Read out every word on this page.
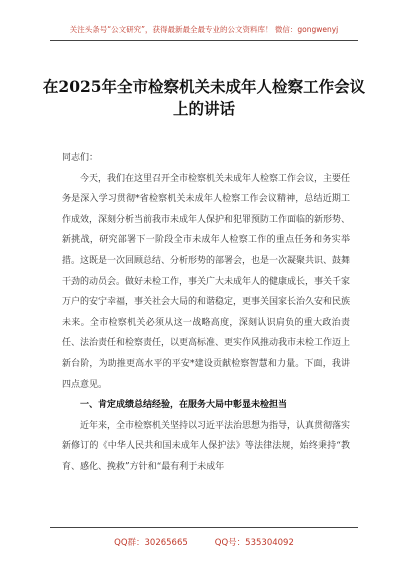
关注头条号“公文研究”，获得最新最全最专业的公文资料库！ 微信：gongwenyj
在2025年全市检察机关未成年人检察工作会议上的讲话

同志们：

今天，我们在这里召开全市检察机关未成年人检察工作会议，主要任务是深入学习贯彻*省检察机关未成年人检察工作会议精神，总结近期工作成效，深刻分析当前我市未成年人保护和犯罪预防工作面临的新形势、新挑战，研究部署下一阶段全市未成年人检察工作的重点任务和务实举措。这既是一次回顾总结、分析形势的部署会，也是一次凝聚共识、鼓舞干劲的动员会。做好未检工作，事关广大未成年人的健康成长，事关千家万户的安宁幸福，事关社会大局的和谐稳定，更事关国家长治久安和民族未来。全市检察机关必须从这一战略高度，深刻认识肩负的重大政治责任、法治责任和检察责任，以更高标准、更实作风推动我市未检工作迈上新台阶，为助推更高水平的平安*建设贡献检察智慧和力量。下面，我讲四点意见。

一、肯定成绩总结经验，在服务大局中彰显未检担当

近年来，全市检察机关坚持以习近平法治思想为指导，认真贯彻落实新修订的《中华人民共和国未成年人保护法》等法律法规，始终秉持“教育、感化、挽救”方针和“最有利于未成年

QQ群：30265665          QQ号：535304092
